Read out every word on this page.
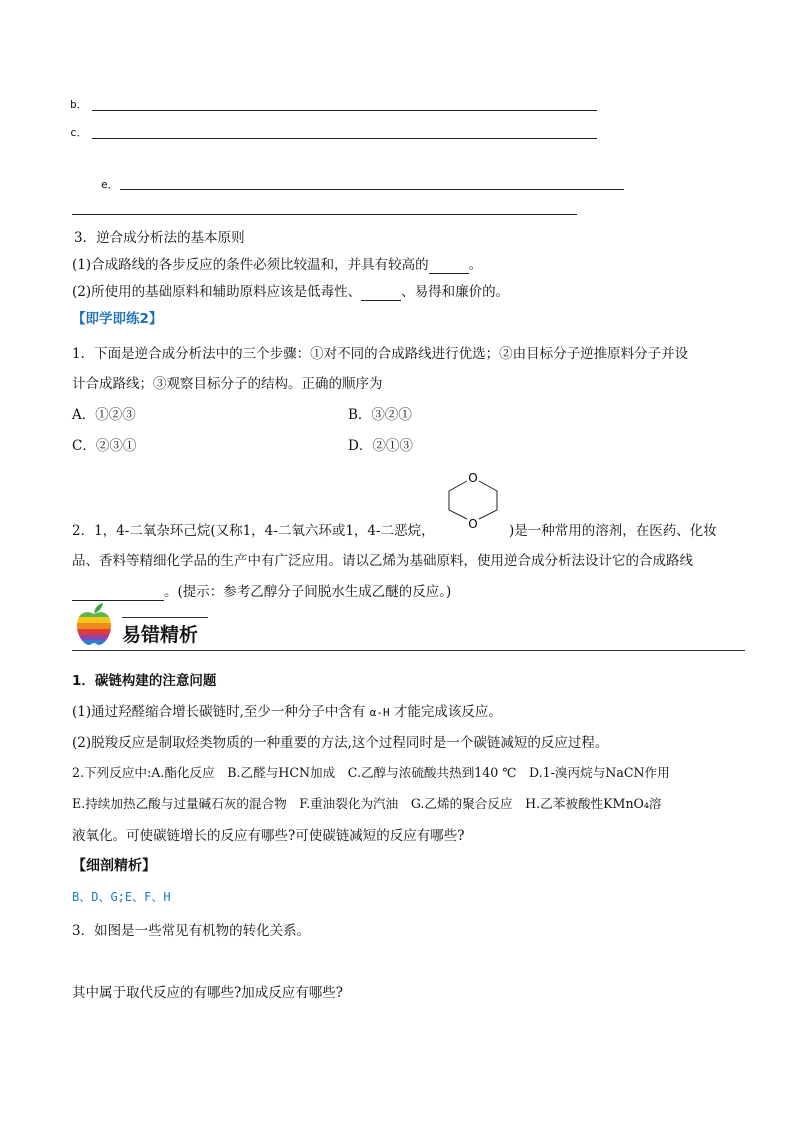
b．
c．
e．
3．逆合成分析法的基本原则
(1)合成路线的各步反应的条件必须比较温和，并具有较高的	。
(2)所使用的基础原料和辅助原料应该是低毒性、	、易得和廉价的。
【即学即练2】
1．下面是逆合成分析法中的三个步骤：①对不同的合成路线进行优选；②由目标分子逆推原料分子并设
计合成路线；③观察目标分子的结构。正确的顺序为
A．①②③	B．③②①
C．②③①	D．②①③
O
O
2．1，4-二氧杂环己烷(又称1，4-二氧六环或1，4-二恶烷，	)是一种常用的溶剂，在医药、化妆
品、香料等精细化学品的生产中有广泛应用。请以乙烯为基础原料，使用逆合成分析法设计它的合成路线
。(提示：参考乙醇分子间脱水生成乙醚的反应。)
易错精析
1．碳链构建的注意问题
(1)通过羟醛缩合增长碳链时,至少一种分子中含有 α-H 才能完成该反应。
(2)脱羧反应是制取烃类物质的一种重要的方法,这个过程同时是一个碳链减短的反应过程。
2.下列反应中:A.酯化反应　B.乙醛与HCN加成　C.乙醇与浓硫酸共热到140 ℃　D.1-溴丙烷与NaCN作用
E.持续加热乙酸与过量碱石灰的混合物　F.重油裂化为汽油　G.乙烯的聚合反应　H.乙苯被酸性KMnO₄溶
液氧化。可使碳链增长的反应有哪些?可使碳链减短的反应有哪些?
【细剖精析】
B、D、G;E、F、H
3．如图是一些常见有机物的转化关系。
其中属于取代反应的有哪些?加成反应有哪些?
